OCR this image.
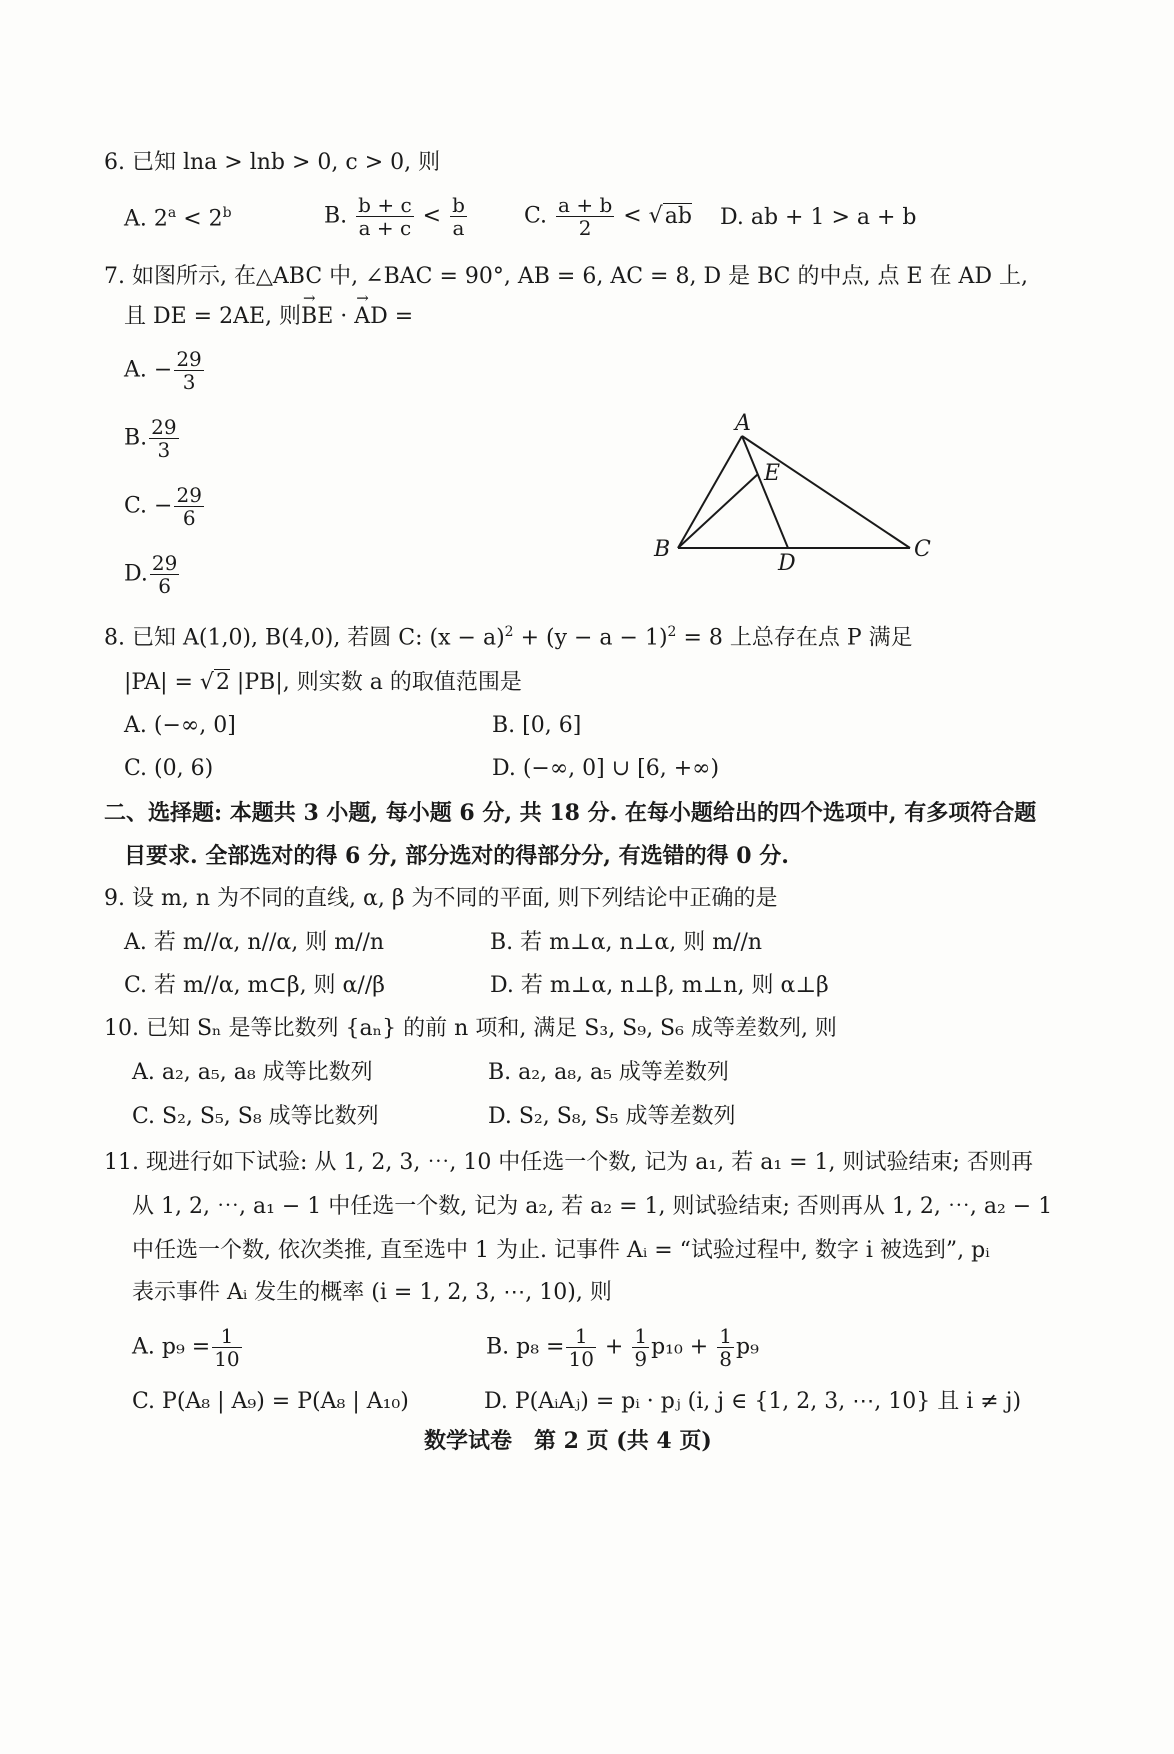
6. 已知 lna > lnb > 0, c > 0, 则
A. $2^a < 2^b$	B. $\frac{b + c}{a + c} < \frac{b}{a}$	C. $\frac{a + b}{2} < √ab$ D. ab + 1 > a + b
7. 如图所示, 在△ABC 中, ∠BAC = 90°, AB = 6, AC = 8, D 是 BC 的中点, 点 E 在 AD 上,
且 DE = 2AE, 则→ BE · → AD =
A. − $\frac{29}{3}$
B. $\frac{29}{3}$
C. − $\frac{29}{6}$
D. $\frac{29}{6}$
A
E
B
D
C
8. 已知 A(1,0), B(4,0), 若圆 C: $(x - a)^2 + (y - a - 1)^2 = 8$ 上总存在点 P 满足
|PA| = √2 |PB|, 则实数 a 的取值范围是
A. (−∞, 0]	B. [0, 6]
C. (0, 6)	D. (−∞, 0] ∪ [6, +∞)
二、选择题: 本题共 3 小题, 每小题 6 分, 共 18 分. 在每小题给出的四个选项中, 有多项符合题
目要求. 全部选对的得 6 分, 部分选对的得部分分, 有选错的得 0 分.
9. 设 m, n 为不同的直线, α, β 为不同的平面, 则下列结论中正确的是
A. 若 m//α, n//α, 则 m//n	B. 若 m⊥α, n⊥α, 则 m//n
C. 若 m//α, m⊂β, 则 α//β	D. 若 m⊥α, n⊥β, m⊥n, 则 α⊥β
10. 已知 Sₙ 是等比数列 {aₙ} 的前 n 项和, 满足 S₃, S₉, S₆ 成等差数列, 则
A. a₂, a₅, a₈ 成等比数列	B. a₂, a₈, a₅ 成等差数列
C. S₂, S₅, S₈ 成等比数列	D. S₂, S₈, S₅ 成等差数列
11. 现进行如下试验: 从 1, 2, 3, ⋯, 10 中任选一个数, 记为 a₁, 若 a₁ = 1, 则试验结束; 否则再
从 1, 2, ⋯, a₁ − 1 中任选一个数, 记为 a₂, 若 a₂ = 1, 则试验结束; 否则再从 1, 2, ⋯, a₂ − 1
中任选一个数, 依次类推, 直至选中 1 为止. 记事件 Aᵢ = “试验过程中, 数字 i 被选到”, pᵢ
表示事件 Aᵢ 发生的概率 (i = 1, 2, 3, ⋯, 10), 则
A. $p_9 = \frac{1}{10}$	B. $p_8 = \frac{1}{10} + \frac{1}{9} p_{10} + \frac{1}{8} p_9$
C. P(A₈ | A₉) = P(A₈ | A₁₀)	D. P(AᵢAⱼ) = pᵢ · pⱼ (i, j ∈ {1, 2, 3, ⋯, 10} 且 i ≠ j)
数学试卷　第 2 页 (共 4 页)
